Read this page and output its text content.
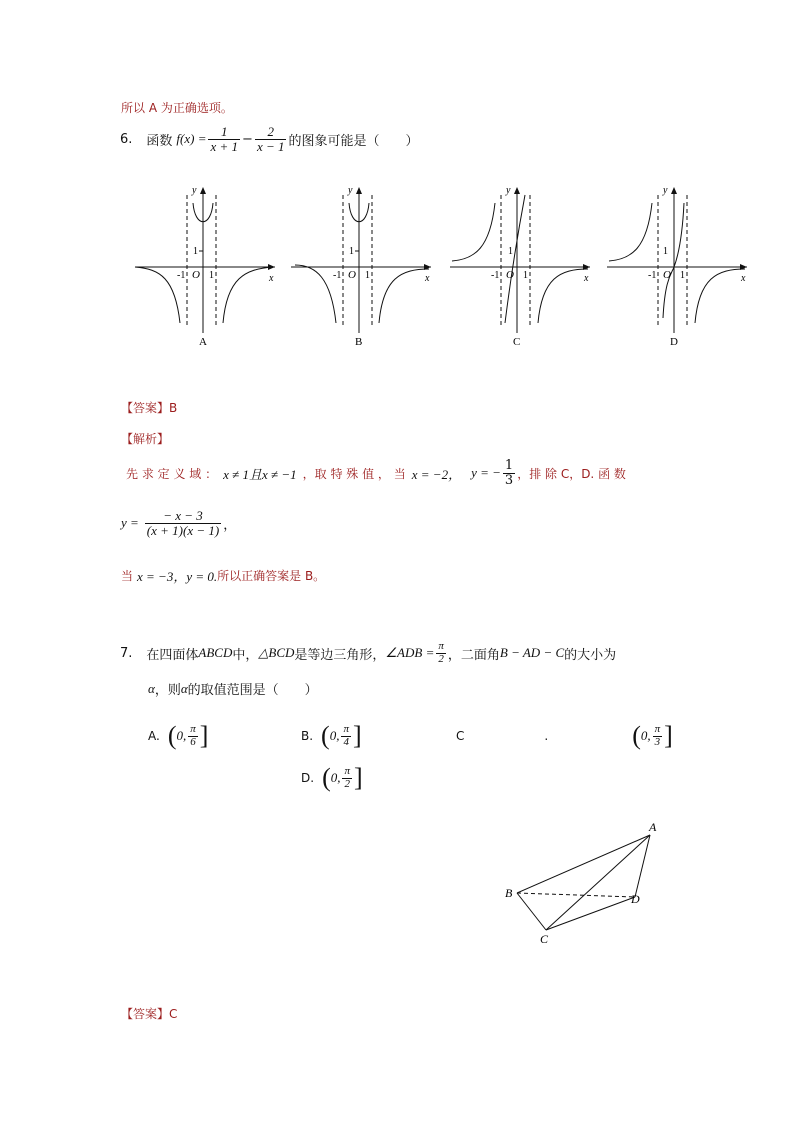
所以 A 为正确选项。
6. 函数 $f(x) = \frac{1}{x + 1} - \frac{2}{x - 1}$ 的图象可能是（　　）
1
-1 O 1	x
y
A
1
-1 O 1	x
y
B
1
-1 O 1	x
y
C
1
-1 O 1	x
y
D
【答案】B
【解析】
先 求 定 义 域 ： x ≠ 1且x ≠ −1 ，取 特 殊 值 ， 当 x = −2， y = − $\frac{1}{3}$ ，排 除 C，D. 函 数
$y = \frac{- x - 3}{(x + 1)(x - 1)}$ ，
当 x = −3，y = 0. 所以正确答案是 B。
7. 在四面体 ABCD 中， △BCD 是等边三角形， ∠ADB = $\frac{\pi}{2}$ ，二面角 B − AD − C 的大小为
α ，则 α 的取值范围是（　　）
A. ( 0, $\frac{\pi}{6}$ ]	B. ( 0, $\frac{\pi}{4}$ ]	C	.	( 0, $\frac{\pi}{3}$ ]
D. ( 0, $\frac{\pi}{2}$ ]
A
B
C
D
【答案】C
